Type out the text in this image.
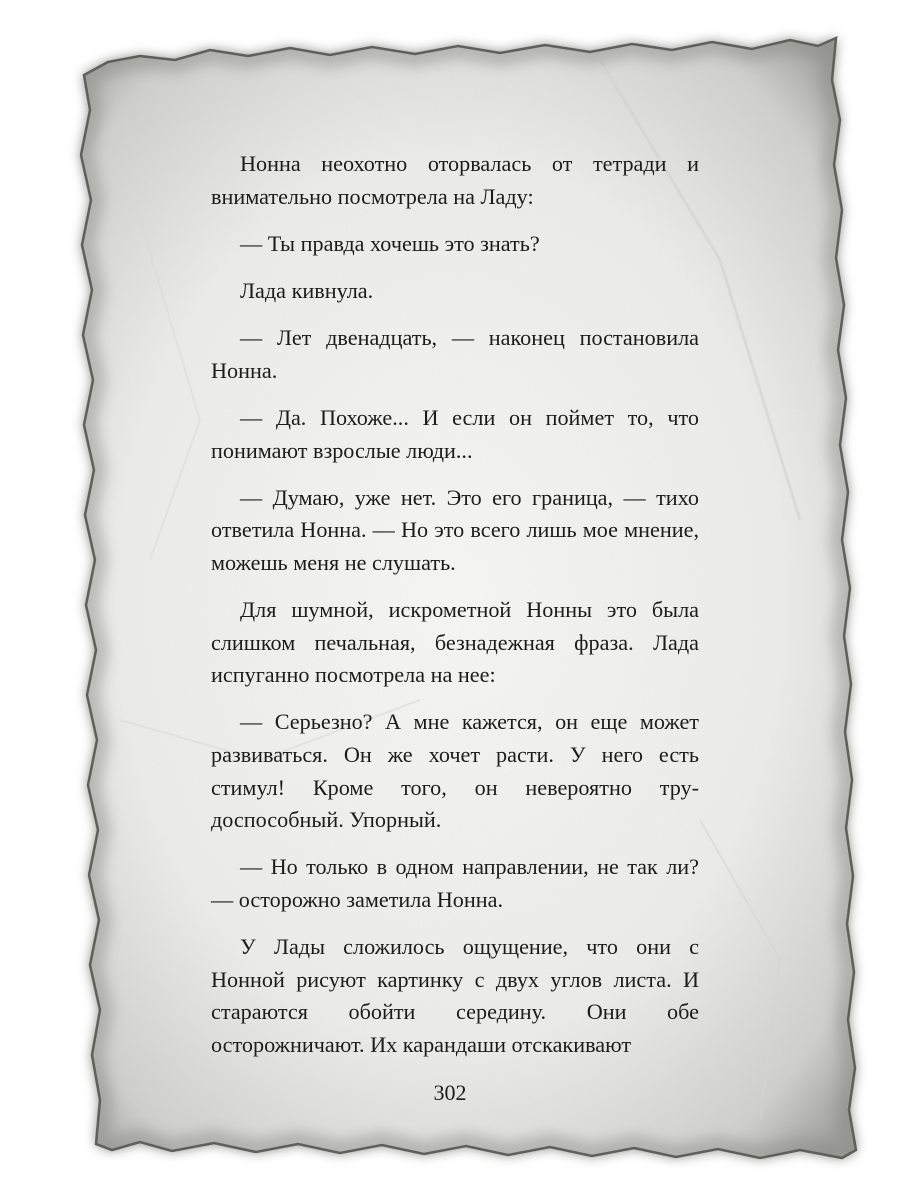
Нонна неохотно оторвалась от тетради и внимательно посмотрела на Ладу:

— Ты правда хочешь это знать?

Лада кивнула.

— Лет двенадцать, — наконец постановила Нонна.

— Да. Похоже... И если он поймет то, что понимают взрослые люди...

— Думаю, уже нет. Это его граница, — тихо ответила Нонна. — Но это всего лишь мое мнение, можешь меня не слушать.

Для шумной, искрометной Нонны это была слишком печальная, безнадежная фраза. Лада испуганно посмотрела на нее:

— Серьезно? А мне кажется, он еще может развиваться. Он же хочет расти. У него есть стимул! Кроме того, он невероятно трудоспособный. Упорный.

— Но только в одном направлении, не так ли? — осторожно заметила Нонна.

У Лады сложилось ощущение, что они с Нонной рисуют картинку с двух углов листа. И стараются обойти середину. Они обе осторожничают. Их карандаши отскакивают

302
